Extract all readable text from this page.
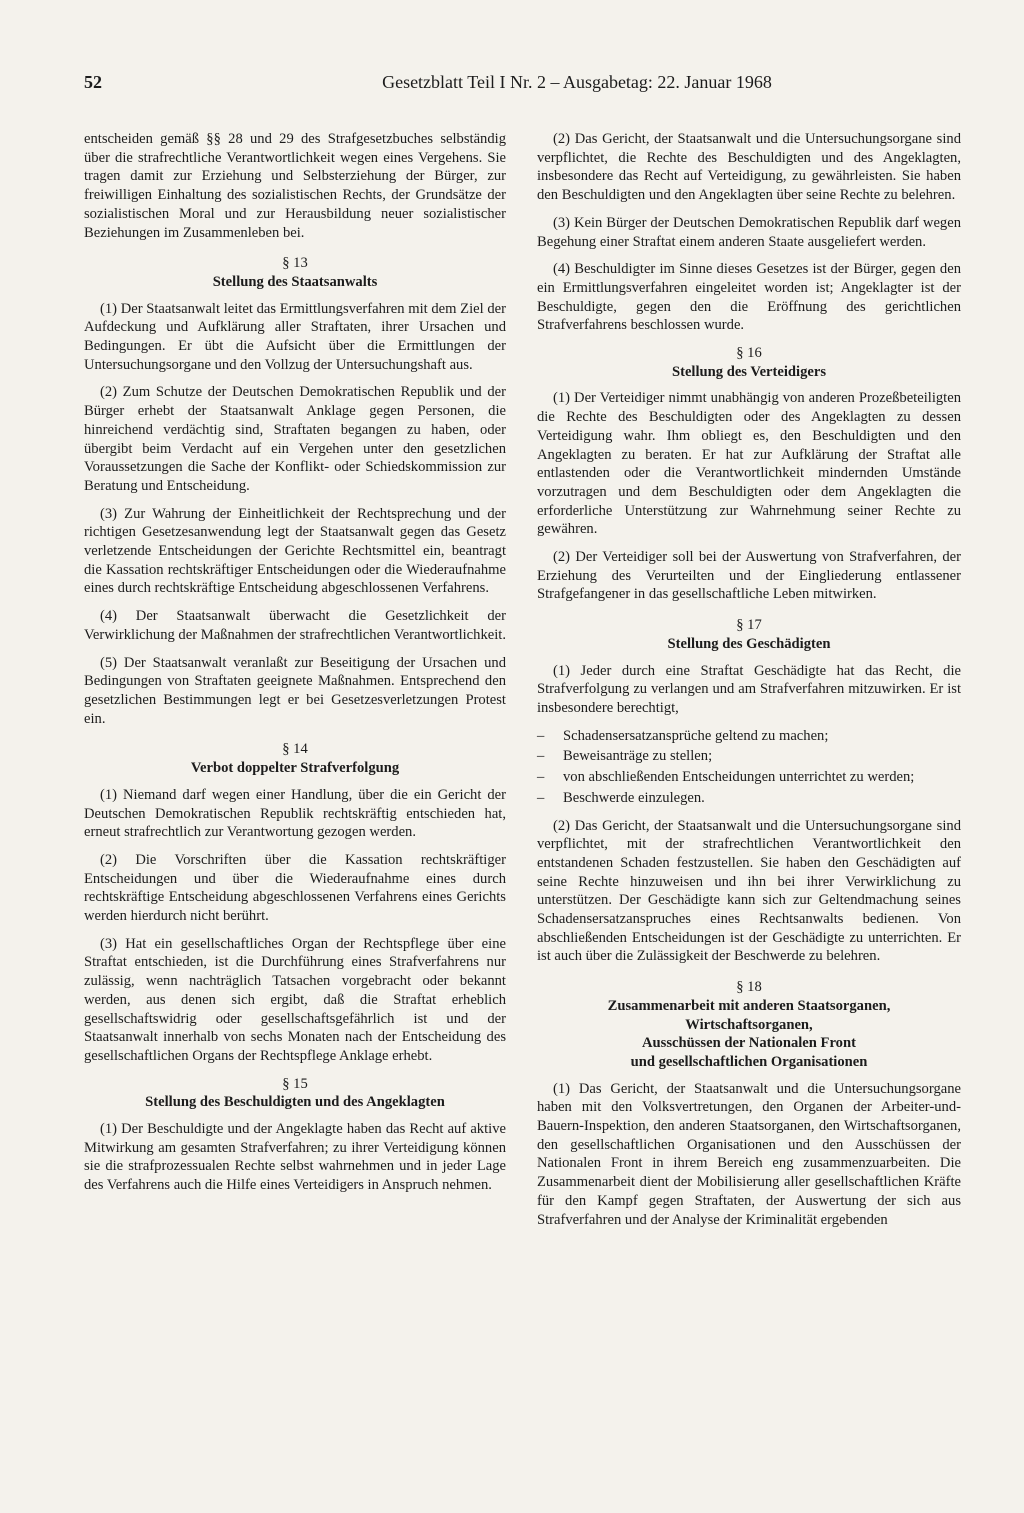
52	Gesetzblatt Teil I Nr. 2 – Ausgabetag: 22. Januar 1968

entscheiden gemäß §§ 28 und 29 des Strafgesetzbuches selbständig über die strafrechtliche Verantwortlichkeit wegen eines Vergehens. Sie tragen damit zur Erziehung und Selbsterziehung der Bürger, zur freiwilligen Einhaltung des sozialistischen Rechts, der Grundsätze der sozialistischen Moral und zur Herausbildung neuer sozialistischer Beziehungen im Zusammenleben bei.

§ 13
Stellung des Staatsanwalts

(1) Der Staatsanwalt leitet das Ermittlungsverfahren mit dem Ziel der Aufdeckung und Aufklärung aller Straftaten, ihrer Ursachen und Bedingungen. Er übt die Aufsicht über die Ermittlungen der Untersuchungsorgane und den Vollzug der Untersuchungshaft aus.

(2) Zum Schutze der Deutschen Demokratischen Republik und der Bürger erhebt der Staatsanwalt Anklage gegen Personen, die hinreichend verdächtig sind, Straftaten begangen zu haben, oder übergibt beim Verdacht auf ein Vergehen unter den gesetzlichen Voraussetzungen die Sache der Konflikt- oder Schiedskommission zur Beratung und Entscheidung.

(3) Zur Wahrung der Einheitlichkeit der Rechtsprechung und der richtigen Gesetzesanwendung legt der Staatsanwalt gegen das Gesetz verletzende Entscheidungen der Gerichte Rechtsmittel ein, beantragt die Kassation rechtskräftiger Entscheidungen oder die Wiederaufnahme eines durch rechtskräftige Entscheidung abgeschlossenen Verfahrens.

(4) Der Staatsanwalt überwacht die Gesetzlichkeit der Verwirklichung der Maßnahmen der strafrechtlichen Verantwortlichkeit.

(5) Der Staatsanwalt veranlaßt zur Beseitigung der Ursachen und Bedingungen von Straftaten geeignete Maßnahmen. Entsprechend den gesetzlichen Bestimmungen legt er bei Gesetzesverletzungen Protest ein.

§ 14
Verbot doppelter Strafverfolgung

(1) Niemand darf wegen einer Handlung, über die ein Gericht der Deutschen Demokratischen Republik rechtskräftig entschieden hat, erneut strafrechtlich zur Verantwortung gezogen werden.

(2) Die Vorschriften über die Kassation rechtskräftiger Entscheidungen und über die Wiederaufnahme eines durch rechtskräftige Entscheidung abgeschlossenen Verfahrens eines Gerichts werden hierdurch nicht berührt.

(3) Hat ein gesellschaftliches Organ der Rechtspflege über eine Straftat entschieden, ist die Durchführung eines Strafverfahrens nur zulässig, wenn nachträglich Tatsachen vorgebracht oder bekannt werden, aus denen sich ergibt, daß die Straftat erheblich gesellschaftswidrig oder gesellschaftsgefährlich ist und der Staatsanwalt innerhalb von sechs Monaten nach der Entscheidung des gesellschaftlichen Organs der Rechtspflege Anklage erhebt.

§ 15
Stellung des Beschuldigten und des Angeklagten

(1) Der Beschuldigte und der Angeklagte haben das Recht auf aktive Mitwirkung am gesamten Strafverfahren; zu ihrer Verteidigung können sie die strafprozessualen Rechte selbst wahrnehmen und in jeder Lage des Verfahrens auch die Hilfe eines Verteidigers in Anspruch nehmen.

(2) Das Gericht, der Staatsanwalt und die Untersuchungsorgane sind verpflichtet, die Rechte des Beschuldigten und des Angeklagten, insbesondere das Recht auf Verteidigung, zu gewährleisten. Sie haben den Beschuldigten und den Angeklagten über seine Rechte zu belehren.

(3) Kein Bürger der Deutschen Demokratischen Republik darf wegen Begehung einer Straftat einem anderen Staate ausgeliefert werden.

(4) Beschuldigter im Sinne dieses Gesetzes ist der Bürger, gegen den ein Ermittlungsverfahren eingeleitet worden ist; Angeklagter ist der Beschuldigte, gegen den die Eröffnung des gerichtlichen Strafverfahrens beschlossen wurde.

§ 16
Stellung des Verteidigers

(1) Der Verteidiger nimmt unabhängig von anderen Prozeßbeteiligten die Rechte des Beschuldigten oder des Angeklagten zu dessen Verteidigung wahr. Ihm obliegt es, den Beschuldigten und den Angeklagten zu beraten. Er hat zur Aufklärung der Straftat alle entlastenden oder die Verantwortlichkeit mindernden Umstände vorzutragen und dem Beschuldigten oder dem Angeklagten die erforderliche Unterstützung zur Wahrnehmung seiner Rechte zu gewähren.

(2) Der Verteidiger soll bei der Auswertung von Strafverfahren, der Erziehung des Verurteilten und der Eingliederung entlassener Strafgefangener in das gesellschaftliche Leben mitwirken.

§ 17
Stellung des Geschädigten

(1) Jeder durch eine Straftat Geschädigte hat das Recht, die Strafverfolgung zu verlangen und am Strafverfahren mitzuwirken. Er ist insbesondere berechtigt,

– Schadensersatzansprüche geltend zu machen;
– Beweisanträge zu stellen;
– von abschließenden Entscheidungen unterrichtet zu werden;
– Beschwerde einzulegen.

(2) Das Gericht, der Staatsanwalt und die Untersuchungsorgane sind verpflichtet, mit der strafrechtlichen Verantwortlichkeit den entstandenen Schaden festzustellen. Sie haben den Geschädigten auf seine Rechte hinzuweisen und ihn bei ihrer Verwirklichung zu unterstützen. Der Geschädigte kann sich zur Geltendmachung seines Schadensersatzanspruches eines Rechtsanwalts bedienen. Von abschließenden Entscheidungen ist der Geschädigte zu unterrichten. Er ist auch über die Zulässigkeit der Beschwerde zu belehren.

§ 18
Zusammenarbeit mit anderen Staatsorganen,
Wirtschaftsorganen,
Ausschüssen der Nationalen Front
und gesellschaftlichen Organisationen

(1) Das Gericht, der Staatsanwalt und die Untersuchungsorgane haben mit den Volksvertretungen, den Organen der Arbeiter-und-Bauern-Inspektion, den anderen Staatsorganen, den Wirtschaftsorganen, den gesellschaftlichen Organisationen und den Ausschüssen der Nationalen Front in ihrem Bereich eng zusammenzuarbeiten. Die Zusammenarbeit dient der Mobilisierung aller gesellschaftlichen Kräfte für den Kampf gegen Straftaten, der Auswertung der sich aus Strafverfahren und der Analyse der Kriminalität ergebenden
